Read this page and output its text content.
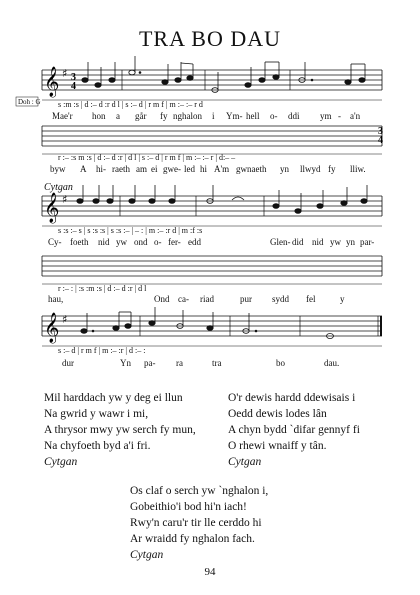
TRA BO DAU
𝄞 ♯ 3
4
Doh : G s :m :s | d :– d :r d l | s :– d | r m f | m :– :– r d
Mae'r hon a går fy nghalon i Ym- hell o- ddi ym - a'n
3
4
r :– :s m :s | d :– d :r | d l | s :– d | r m f | m :– :– r | d:– –
byw A hi- raeth am ei gwe- led hi A'm gwnaeth yn llwyd fy lliw.
Cytgan
𝄞 ♯
s :s :– s | s :s :s | s :s :– | – : | m :– :r d | m :f :s
Cy- foeth nid yw ond o- fer- edd	Glen- did nid yw yn par-
r :– : | :s :m :s | d :– d :r | d l
hau,	Ond ca- riad	pur sydd fel	y
𝄞 ♯
s :– d | r m f | m :– :r | d :– :
dur	Yn pa- ra	tra	bo	dau.
Mil harddach yw y deg ei llun
Na gwrid y wawr i mi,
A thrysor mwy yw serch fy mun,
Na chyfoeth byd a'i fri.
Cytgan
O'r dewis hardd ddewisais i
Oedd dewis lodes lân
A chyn bydd `difar gennyf fi
O rhewi wnaiff y tân.
Cytgan
Os claf o serch yw `nghalon i,
Gobeithio'i bod hi'n iach!
Rwy'n caru'r tir lle cerddo hi
Ar wraidd fy nghalon fach.
Cytgan
94
